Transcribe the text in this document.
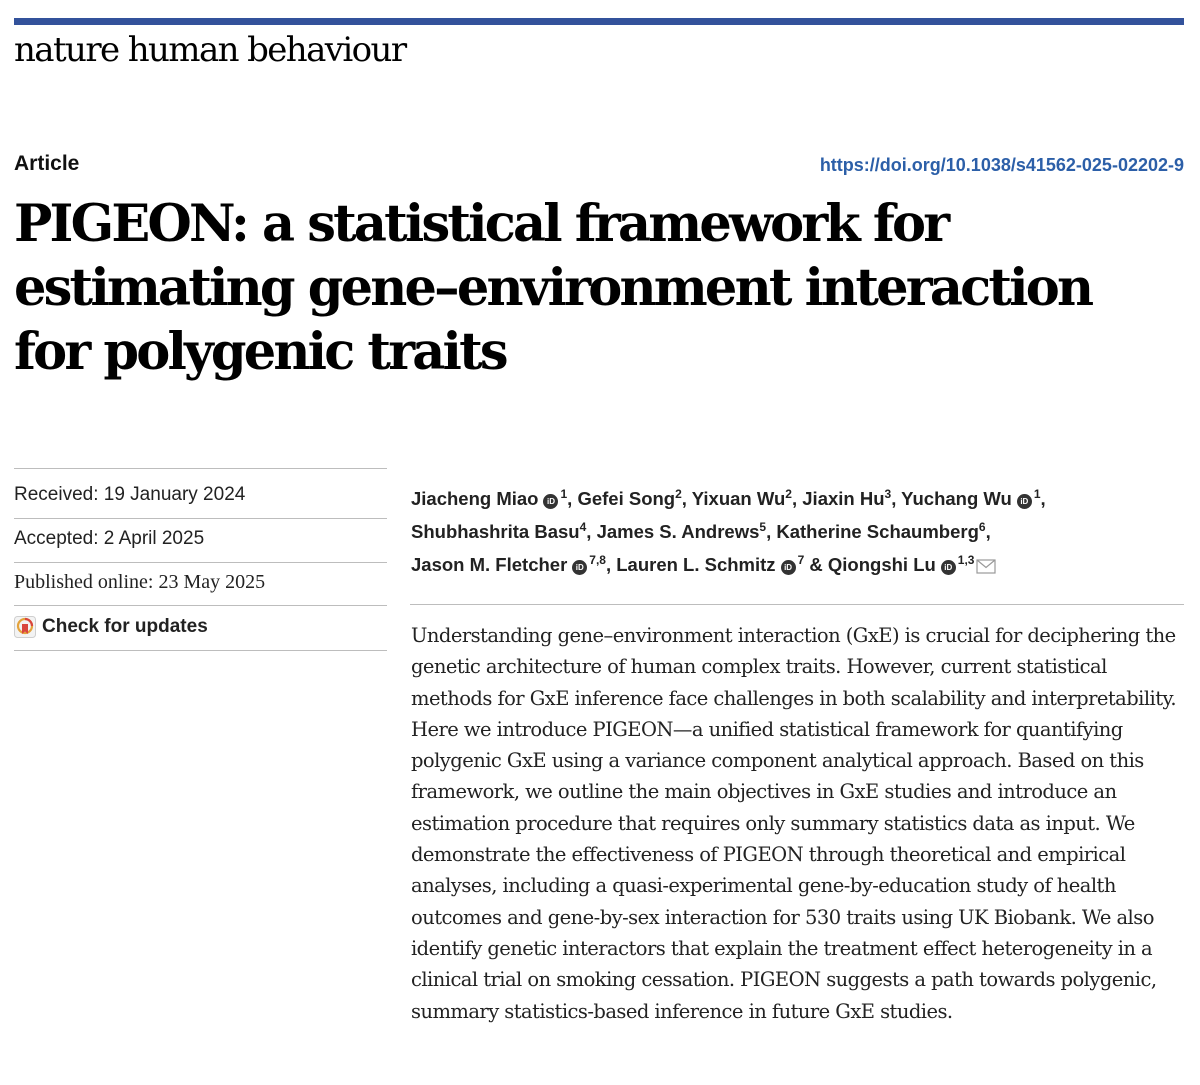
nature human behaviour
Article	https://doi.org/10.1038/s41562-025-02202-9
PIGEON: a statistical framework for
estimating gene–environment interaction
for polygenic traits
Received: 19 January 2024
Accepted: 2 April 2025
Published online: 23 May 2025
Check for updates
Jiacheng Miao iD$^1$, Gefei Song$^2$, Yixuan Wu$^2$, Jiaxin Hu$^3$, Yuchang Wu iD$^1$, Shubhashrita Basu$^4$, James S. Andrews$^5$, Katherine Schaumberg$^6$, Jason M. Fletcher iD$^{7,8}$, Lauren L. Schmitz iD$^7$ & Qiongshi Lu iD$^{1,3}$

Understanding gene–environment interaction (GxE) is crucial for deciphering the genetic architecture of human complex traits. However, current statistical methods for GxE inference face challenges in both scalability and interpretability. Here we introduce PIGEON—a unified statistical framework for quantifying polygenic GxE using a variance component analytical approach. Based on this framework, we outline the main objectives in GxE studies and introduce an estimation procedure that requires only summary statistics data as input. We demonstrate the effectiveness of PIGEON through theoretical and empirical analyses, including a quasi-experimental gene-by-education study of health outcomes and gene-by-sex interaction for 530 traits using UK Biobank. We also identify genetic interactors that explain the treatment effect heterogeneity in a clinical trial on smoking cessation. PIGEON suggests a path towards polygenic, summary statistics-based inference in future GxE studies.
